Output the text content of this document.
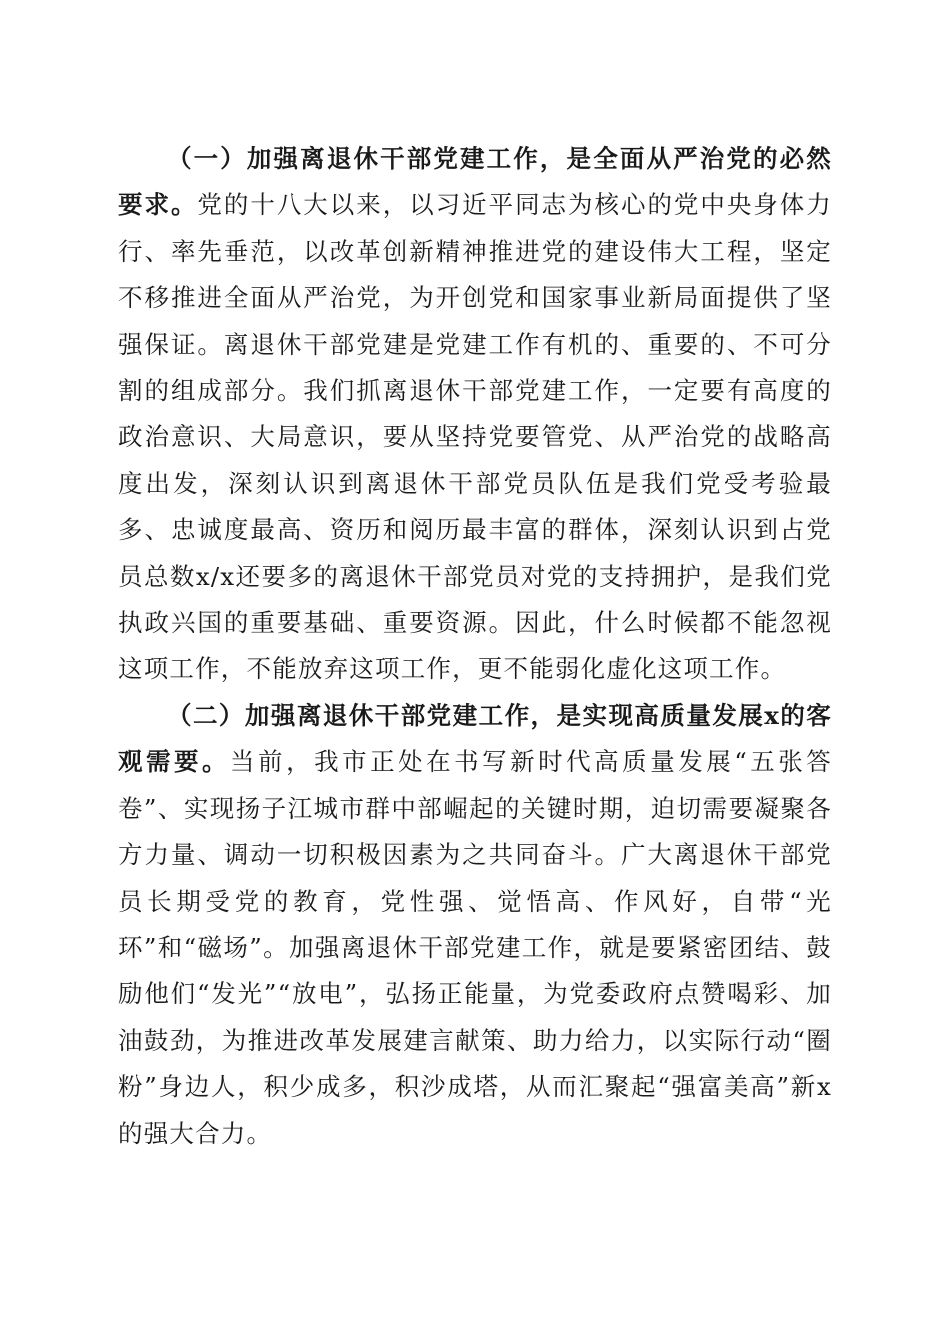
（一）加强离退休干部党建工作，是全面从严治党的必然要求。党的十八大以来，以习近平同志为核心的党中央身体力行、率先垂范，以改革创新精神推进党的建设伟大工程，坚定不移推进全面从严治党，为开创党和国家事业新局面提供了坚强保证。离退休干部党建是党建工作有机的、重要的、不可分割的组成部分。我们抓离退休干部党建工作，一定要有高度的政治意识、大局意识，要从坚持党要管党、从严治党的战略高度出发，深刻认识到离退休干部党员队伍是我们党受考验最多、忠诚度最高、资历和阅历最丰富的群体，深刻认识到占党员总数x/x还要多的离退休干部党员对党的支持拥护，是我们党执政兴国的重要基础、重要资源。因此，什么时候都不能忽视这项工作，不能放弃这项工作，更不能弱化虚化这项工作。

（二）加强离退休干部党建工作，是实现高质量发展x的客观需要。当前，我市正处在书写新时代高质量发展“五张答卷”、实现扬子江城市群中部崛起的关键时期，迫切需要凝聚各方力量、调动一切积极因素为之共同奋斗。广大离退休干部党员长期受党的教育，党性强、觉悟高、作风好，自带“光环”和“磁场”。加强离退休干部党建工作，就是要紧密团结、鼓励他们“发光”“放电”，弘扬正能量，为党委政府点赞喝彩、加油鼓劲，为推进改革发展建言献策、助力给力，以实际行动“圈粉”身边人，积少成多，积沙成塔，从而汇聚起“强富美高”新x的强大合力。
